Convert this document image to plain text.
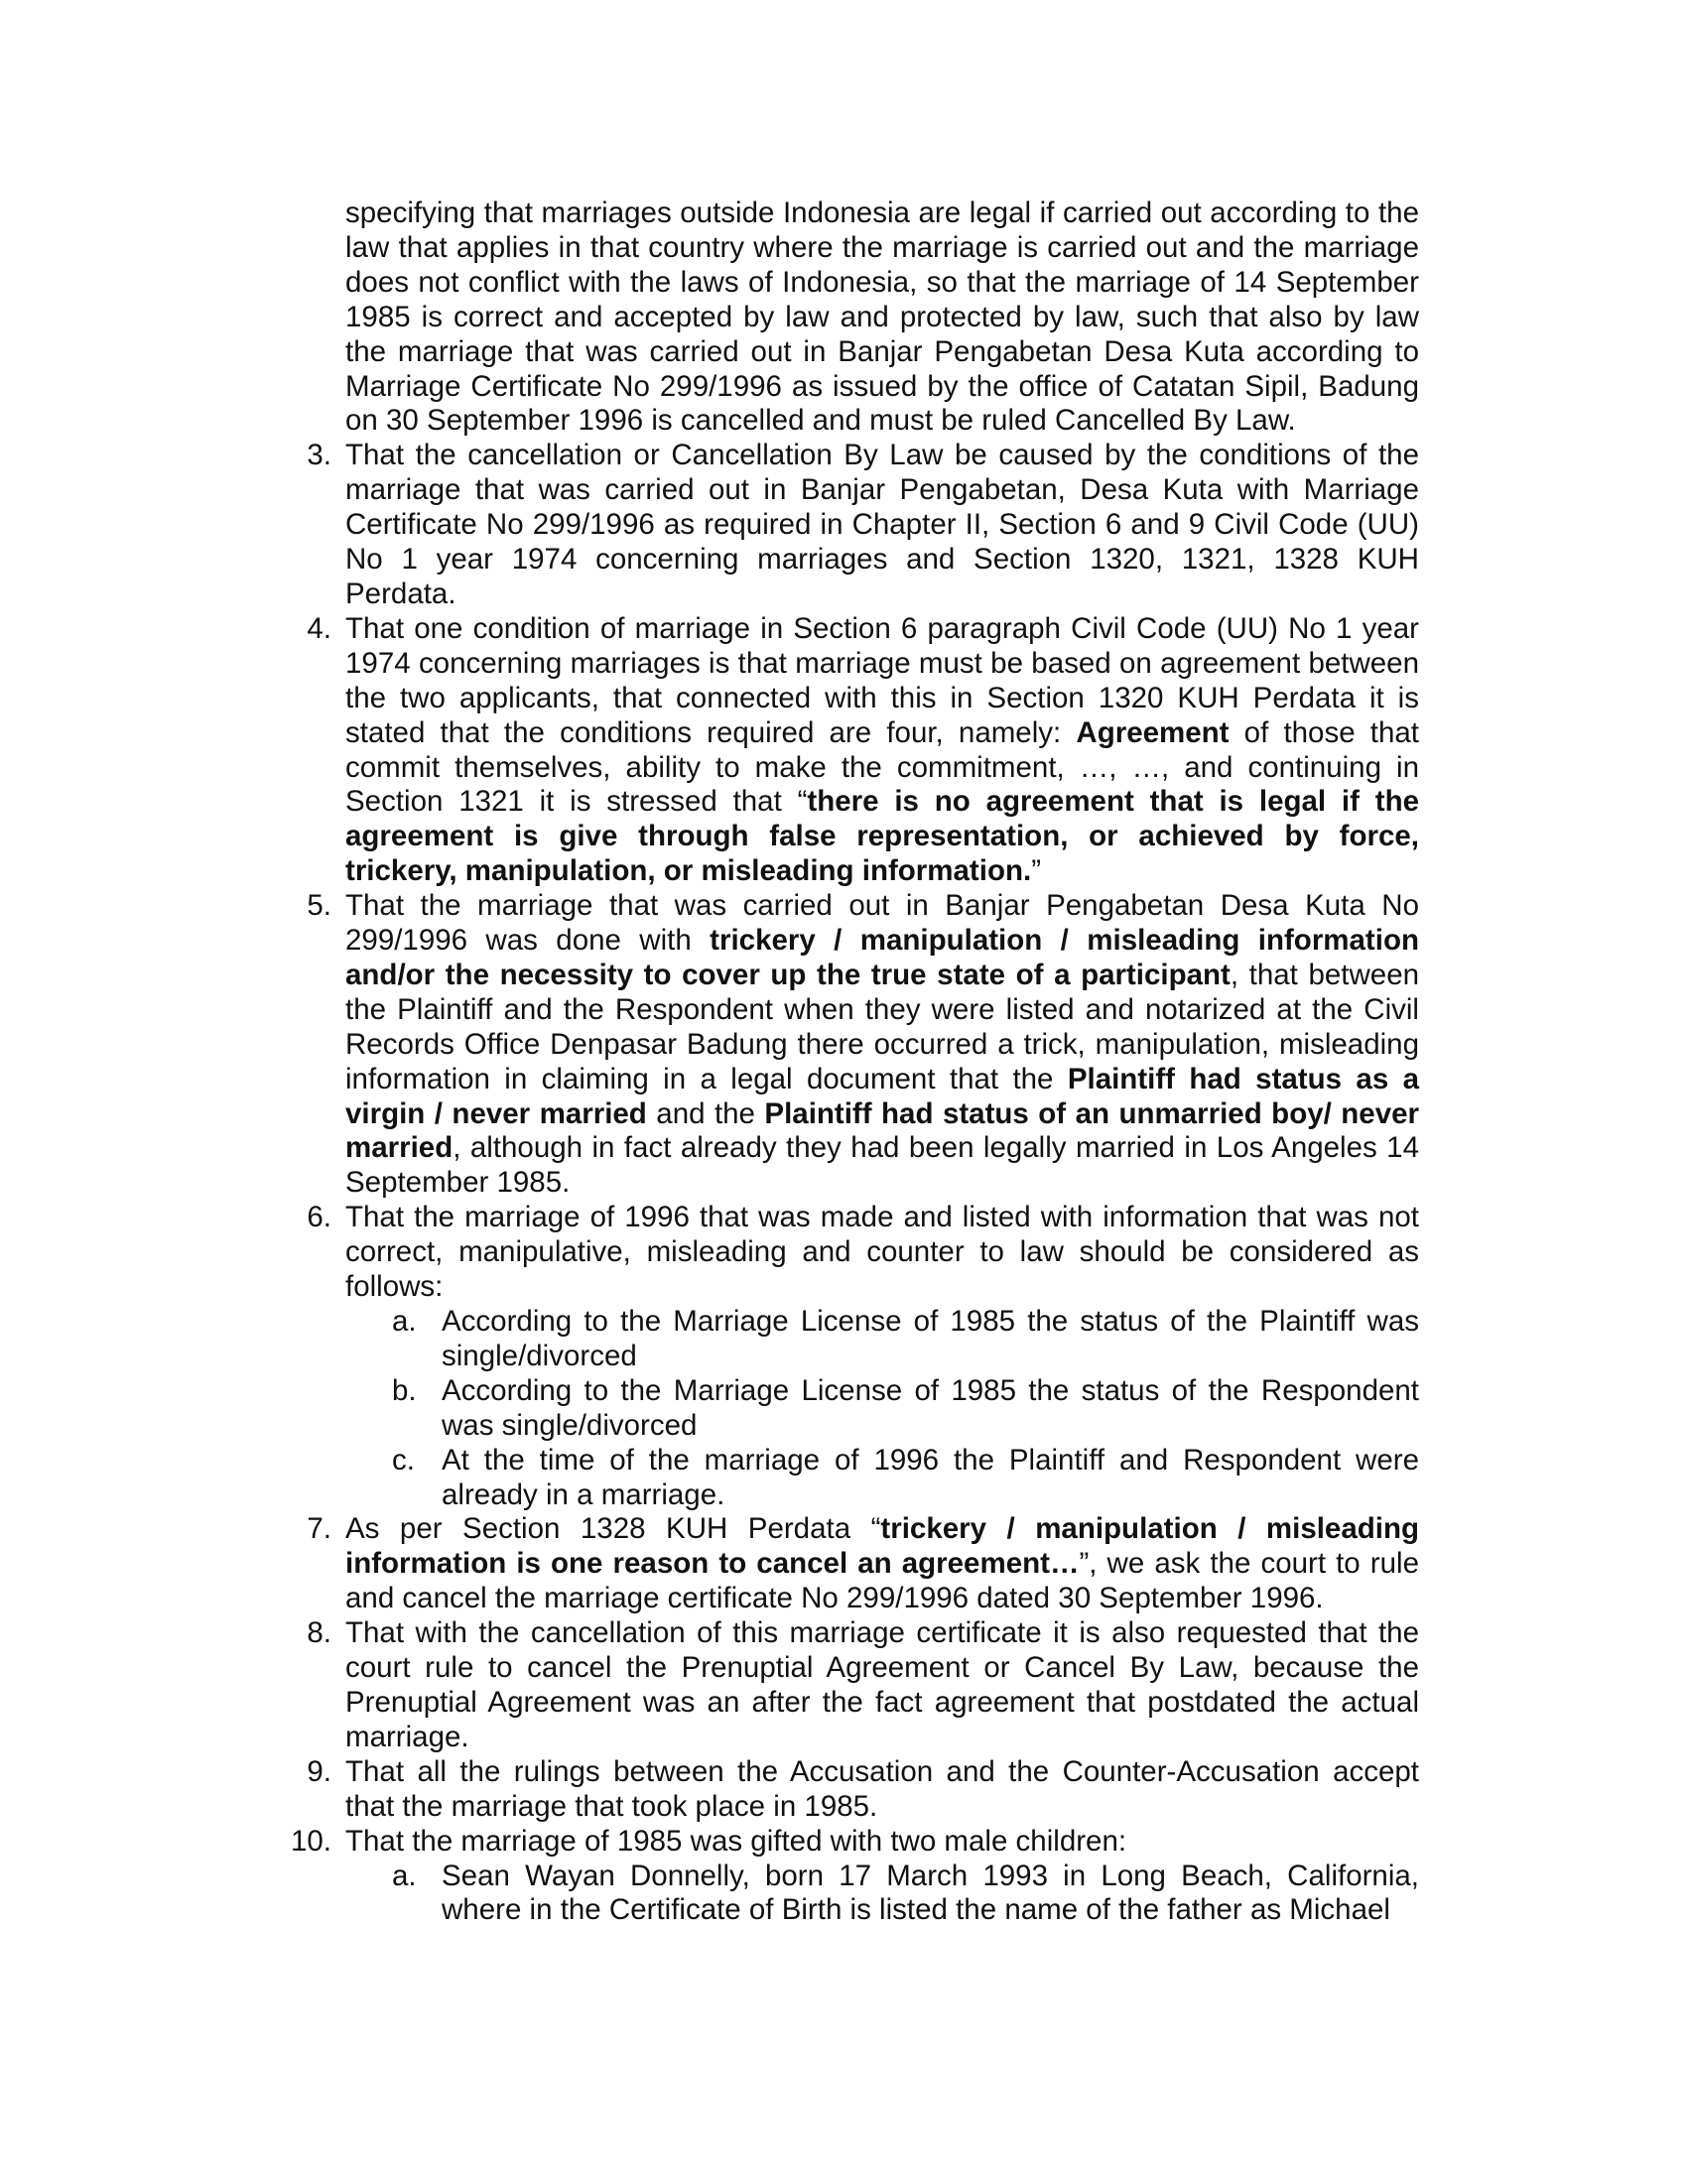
specifying that marriages outside Indonesia are legal if carried out according to the law that applies in that country where the marriage is carried out and the marriage does not conflict with the laws of Indonesia, so that the marriage of 14 September 1985 is correct and accepted by law and protected by law, such that also by law the marriage that was carried out in Banjar Pengabetan Desa Kuta according to Marriage Certificate No 299/1996 as issued by the office of Catatan Sipil, Badung on 30 September 1996 is cancelled and must be ruled Cancelled By Law.

3. That the cancellation or Cancellation By Law be caused by the conditions of the marriage that was carried out in Banjar Pengabetan, Desa Kuta with Marriage Certificate No 299/1996 as required in Chapter II, Section 6 and 9 Civil Code (UU) No 1 year 1974 concerning marriages and Section 1320, 1321, 1328 KUH Perdata.
4. That one condition of marriage in Section 6 paragraph Civil Code (UU) No 1 year 1974 concerning marriages is that marriage must be based on agreement between the two applicants, that connected with this in Section 1320 KUH Perdata it is stated that the conditions required are four, namely: Agreement of those that commit themselves, ability to make the commitment, …, …, and continuing in Section 1321 it is stressed that “there is no agreement that is legal if the agreement is give through false representation, or achieved by force, trickery, manipulation, or misleading information.”
5. That the marriage that was carried out in Banjar Pengabetan Desa Kuta No 299/1996 was done with trickery / manipulation / misleading information and/or the necessity to cover up the true state of a participant, that between the Plaintiff and the Respondent when they were listed and notarized at the Civil Records Office Denpasar Badung there occurred a trick, manipulation, misleading information in claiming in a legal document that the Plaintiff had status as a virgin / never married and the Plaintiff had status of an unmarried boy/ never married, although in fact already they had been legally married in Los Angeles 14 September 1985.
6. That the marriage of 1996 that was made and listed with information that was not correct, manipulative, misleading and counter to law should be considered as follows:
a. According to the Marriage License of 1985 the status of the Plaintiff was single/divorced
b. According to the Marriage License of 1985 the status of the Respondent was single/divorced
c. At the time of the marriage of 1996 the Plaintiff and Respondent were already in a marriage.
7. As per Section 1328 KUH Perdata “trickery / manipulation / misleading information is one reason to cancel an agreement…”, we ask the court to rule and cancel the marriage certificate No 299/1996 dated 30 September 1996.
8. That with the cancellation of this marriage certificate it is also requested that the court rule to cancel the Prenuptial Agreement or Cancel By Law, because the Prenuptial Agreement was an after the fact agreement that postdated the actual marriage.
9. That all the rulings between the Accusation and the Counter-Accusation accept that the marriage that took place in 1985.
10. That the marriage of 1985 was gifted with two male children:
a. Sean Wayan Donnelly, born 17 March 1993 in Long Beach, California, where in the Certificate of Birth is listed the name of the father as Michael
